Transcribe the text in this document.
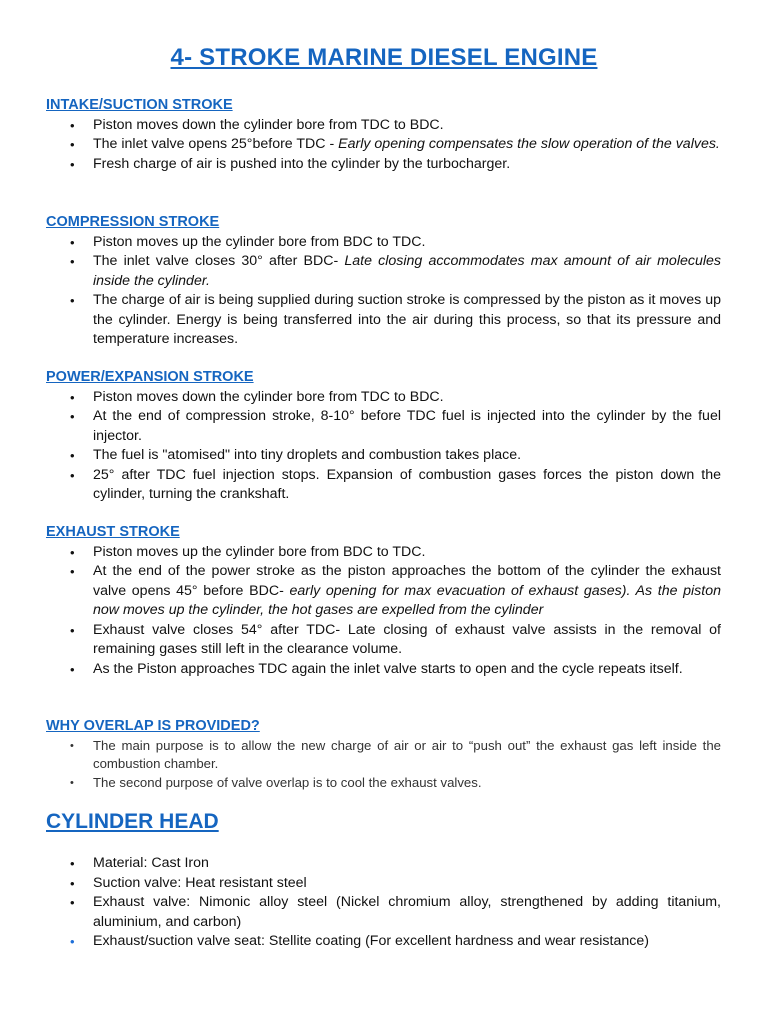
4- STROKE MARINE DIESEL ENGINE
INTAKE/SUCTION STROKE
• Piston moves down the cylinder bore from TDC to BDC.
• The inlet valve opens 25°before TDC - Early opening compensates the slow operation of the valves.
• Fresh charge of air is pushed into the cylinder by the turbocharger.
COMPRESSION STROKE
• Piston moves up the cylinder bore from BDC to TDC.
• The inlet valve closes 30° after BDC- Late closing accommodates max amount of air molecules inside the cylinder.
• The charge of air is being supplied during suction stroke is compressed by the piston as it moves up the cylinder. Energy is being transferred into the air during this process, so that its pressure and temperature increases.
POWER/EXPANSION STROKE
• Piston moves down the cylinder bore from TDC to BDC.
• At the end of compression stroke, 8-10° before TDC fuel is injected into the cylinder by the fuel injector.
• The fuel is "atomised" into tiny droplets and combustion takes place.
• 25° after TDC fuel injection stops. Expansion of combustion gases forces the piston down the cylinder, turning the crankshaft.
EXHAUST STROKE
• Piston moves up the cylinder bore from BDC to TDC.
• At the end of the power stroke as the piston approaches the bottom of the cylinder the exhaust valve opens 45° before BDC- early opening for max evacuation of exhaust gases). As the piston now moves up the cylinder, the hot gases are expelled from the cylinder
• Exhaust valve closes 54° after TDC- Late closing of exhaust valve assists in the removal of remaining gases still left in the clearance volume.
• As the Piston approaches TDC again the inlet valve starts to open and the cycle repeats itself.
WHY OVERLAP IS PROVIDED?
• The main purpose is to allow the new charge of air or air to “push out” the exhaust gas left inside the combustion chamber.
• The second purpose of valve overlap is to cool the exhaust valves.
CYLINDER HEAD
• Material: Cast Iron
• Suction valve: Heat resistant steel
• Exhaust valve: Nimonic alloy steel (Nickel chromium alloy, strengthened by adding titanium, aluminium, and carbon)
• Exhaust/suction valve seat: Stellite coating (For excellent hardness and wear resistance)
